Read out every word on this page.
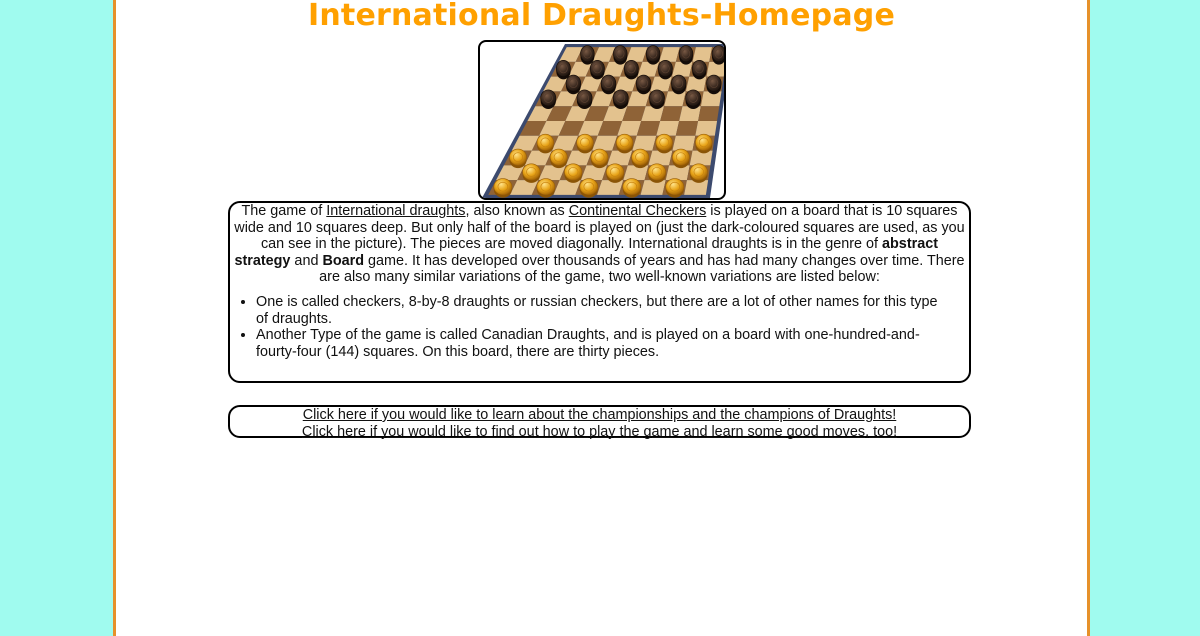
International Draughts-Homepage

The game of International draughts, also known as Continental Checkers is played on a board that is 10 squares wide and 10 squares deep. But only half of the board is played on (just the dark-coloured squares are used, as you can see in the picture). The pieces are moved diagonally. International draughts is in the genre of abstract strategy and Board game. It has developed over thousands of years and has had many changes over time. There are also many similar variations of the game, two well-known variations are listed below:

• One is called checkers, 8-by-8 draughts or russian checkers, but there are a lot of other names for this type of draughts.
• Another Type of the game is called Canadian Draughts, and is played on a board with one-hundred-and-fourty-four (144) squares. On this board, there are thirty pieces.
Click here if you would like to learn about the championships and the champions of Draughts!
Click here if you would like to find out how to play the game and learn some good moves, too!
